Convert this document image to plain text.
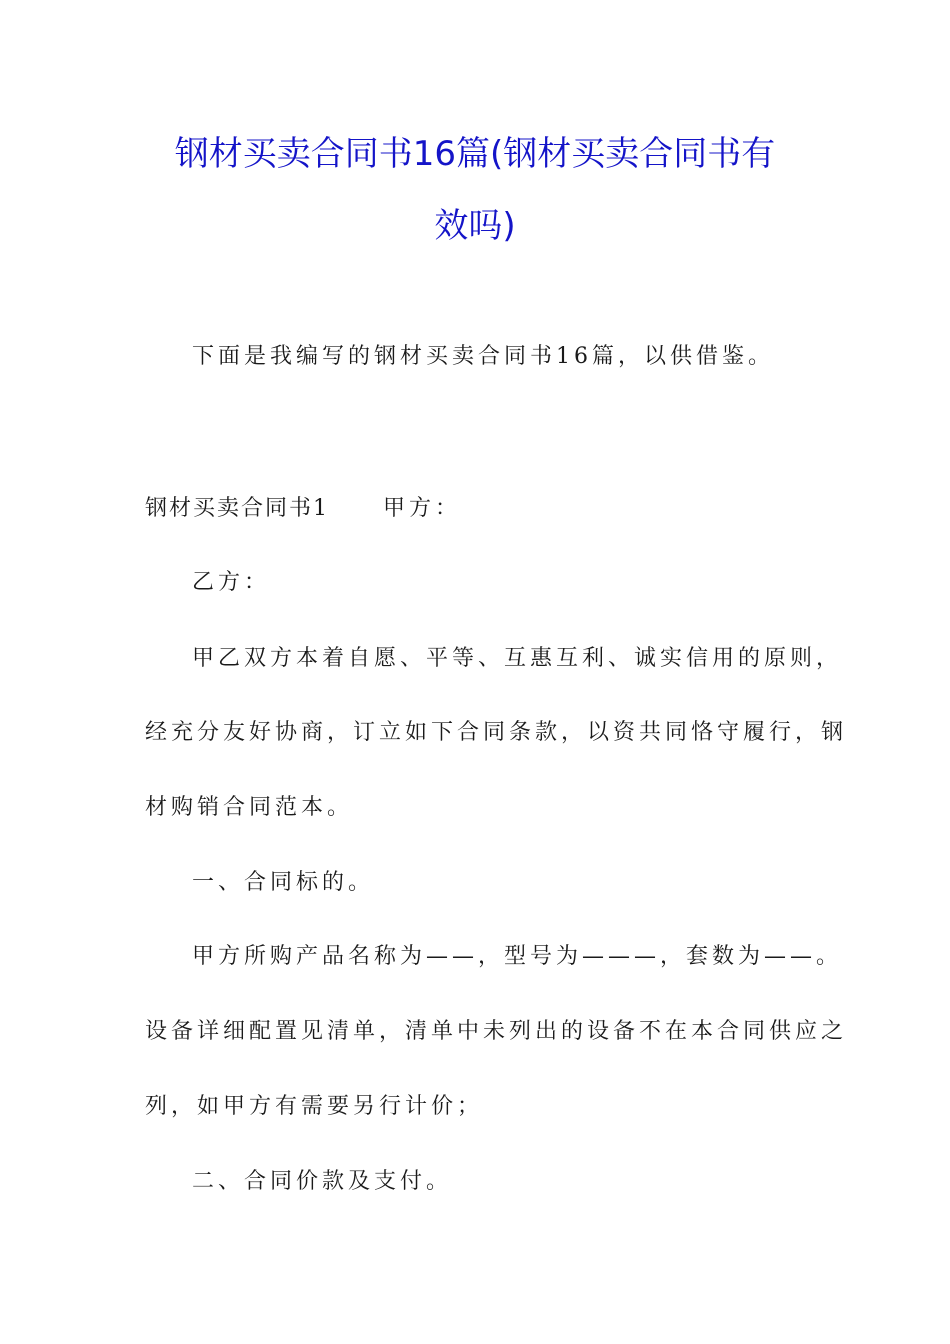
钢材买卖合同书16篇(钢材买卖合同书有
效吗)
下面是我编写的钢材买卖合同书16篇，以供借鉴。
钢材买卖合同书1 甲方：
乙方：
甲乙双方本着自愿、平等、互惠互利、诚实信用的原则，
经充分友好协商，订立如下合同条款，以资共同恪守履行，钢
材购销合同范本。
一、合同标的。
甲方所购产品名称为——，型号为———，套数为——。
设备详细配置见清单，清单中未列出的设备不在本合同供应之
列，如甲方有需要另行计价；
二、合同价款及支付。
